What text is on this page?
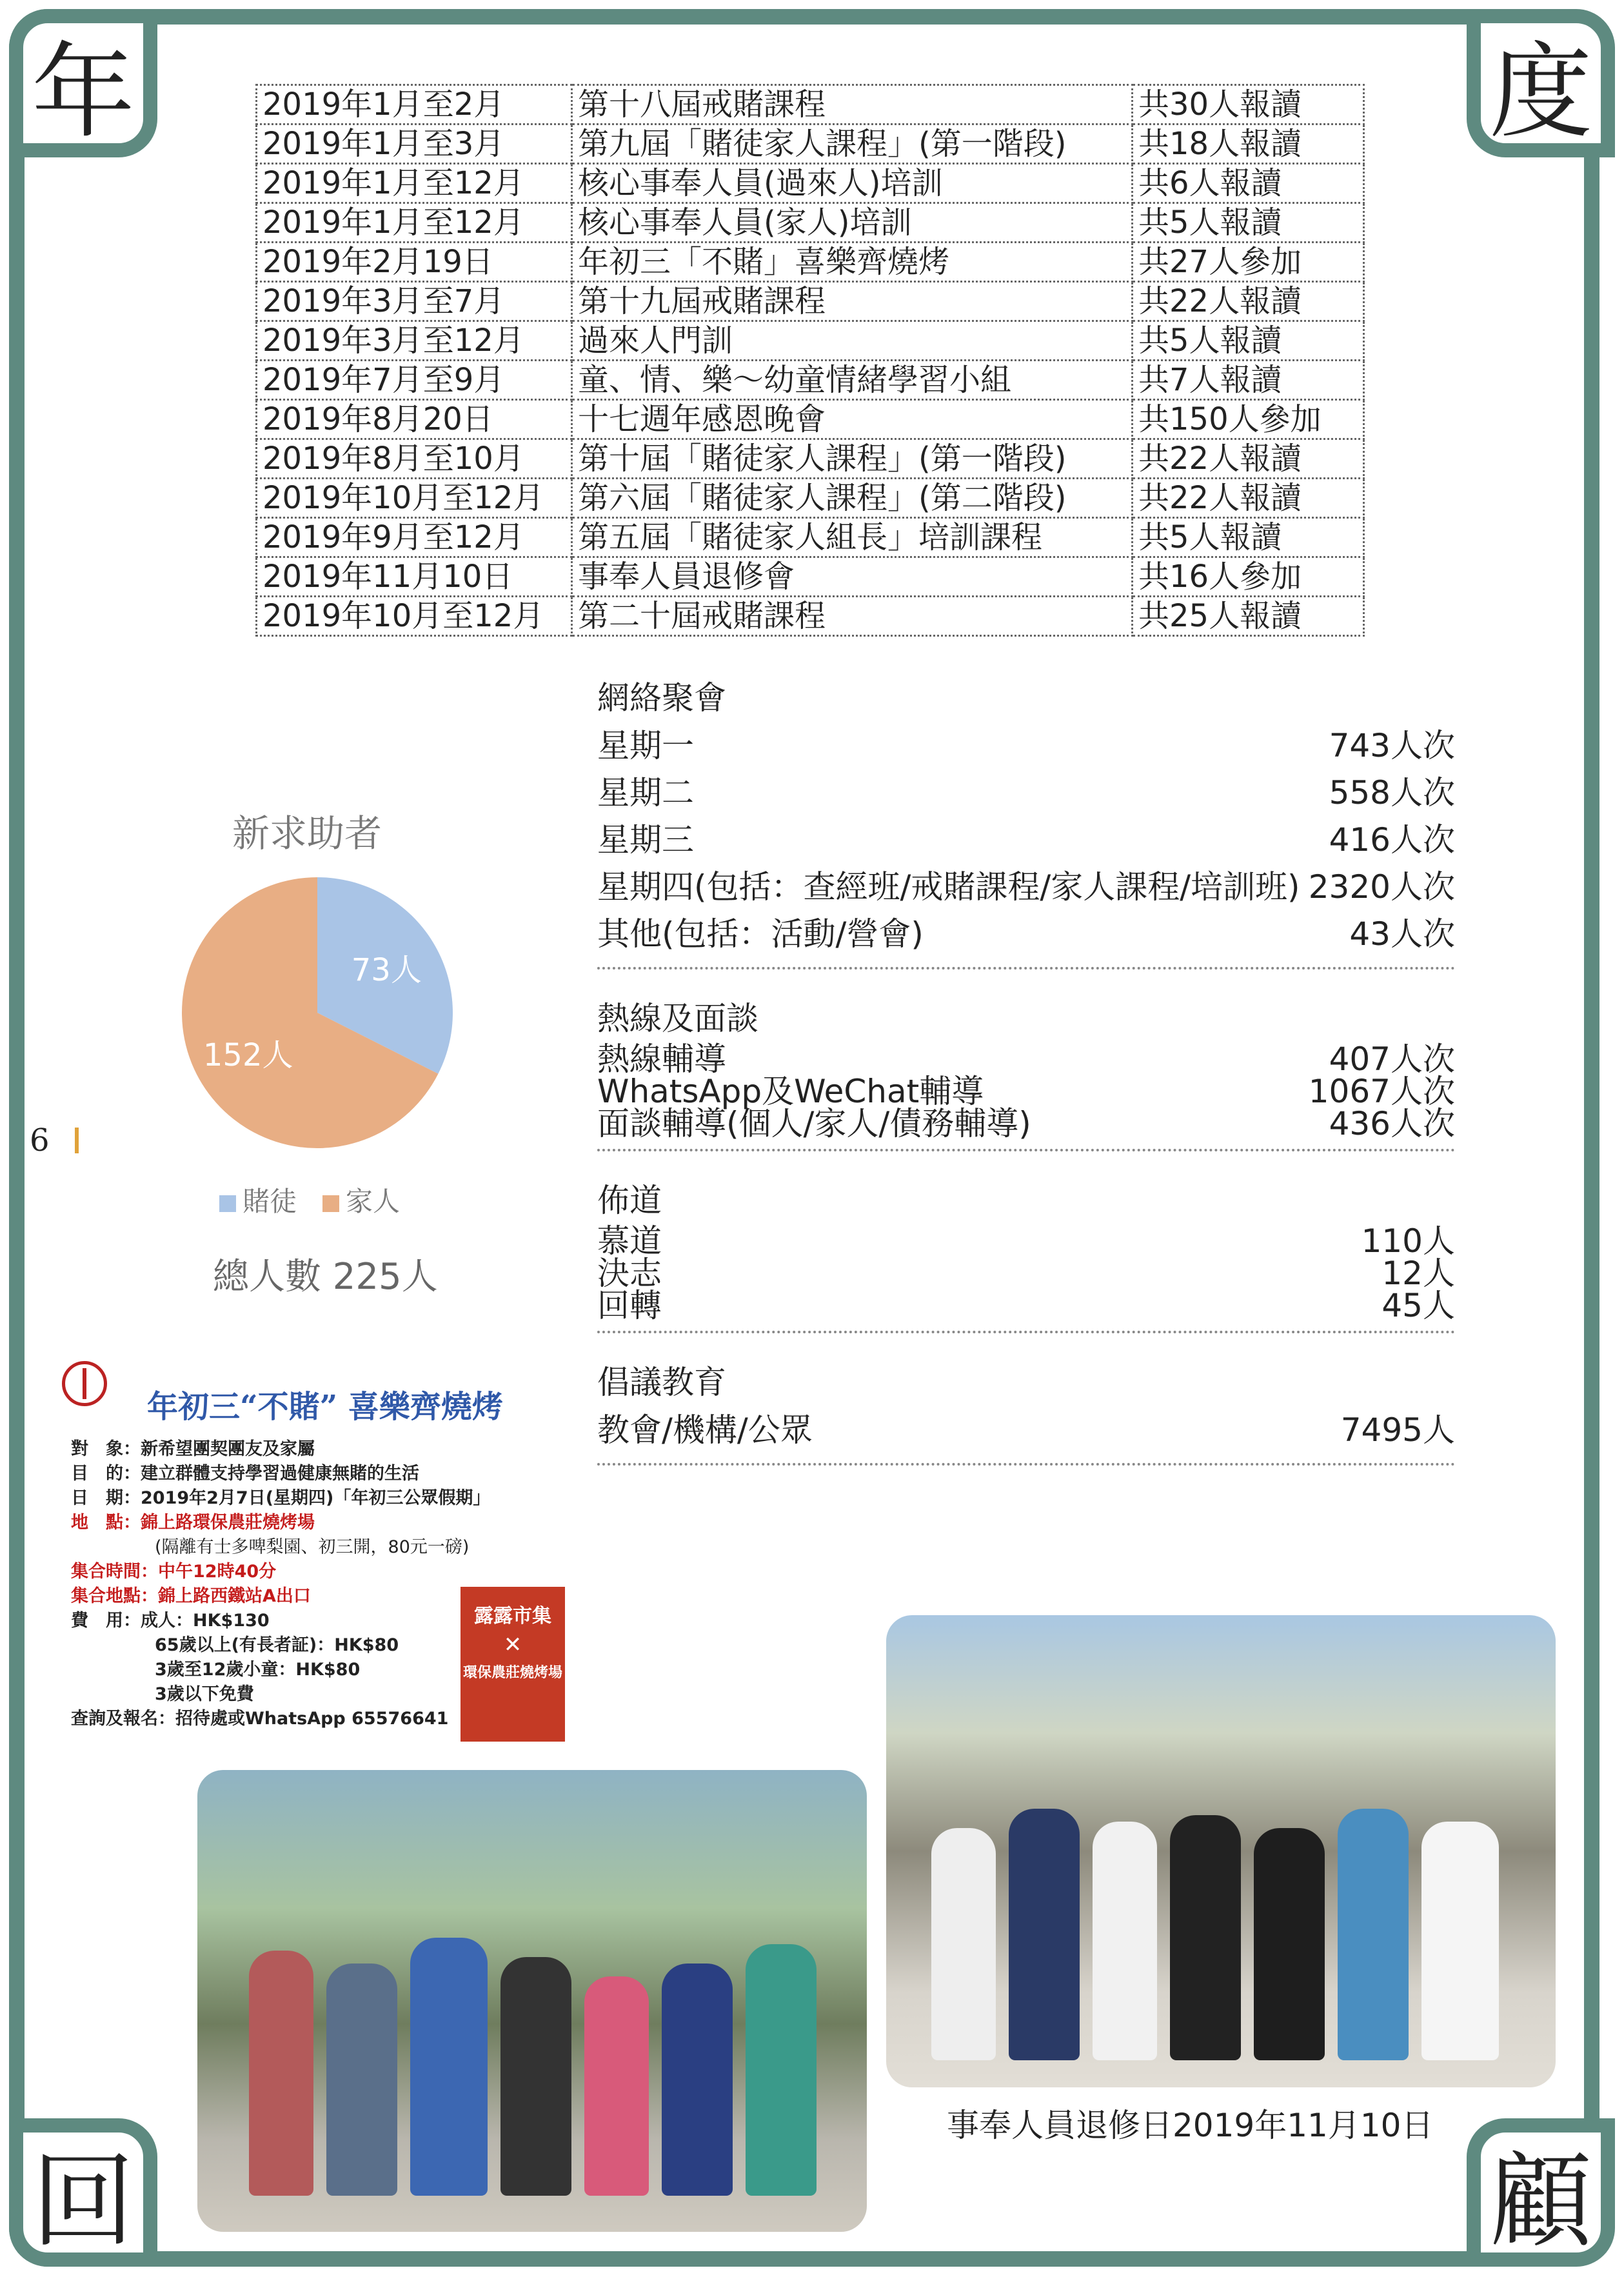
年	度
回	顧
2019年1月至2月	第十八屆戒賭課程	共30人報讀
2019年1月至3月	第九屆「賭徒家人課程」(第一階段)	共18人報讀
2019年1月至12月	核心事奉人員(過來人)培訓	共6人報讀
2019年1月至12月	核心事奉人員(家人)培訓	共5人報讀
2019年2月19日	年初三「不賭」喜樂齊燒烤	共27人參加
2019年3月至7月	第十九屆戒賭課程	共22人報讀
2019年3月至12月	過來人門訓	共5人報讀
2019年7月至9月	童、情、樂～幼童情緒學習小組	共7人報讀
2019年8月20日	十七週年感恩晚會	共150人參加
2019年8月至10月	第十屆「賭徒家人課程」(第一階段)	共22人報讀
2019年10月至12月	第六屆「賭徒家人課程」(第二階段)	共22人報讀
2019年9月至12月	第五屆「賭徒家人組長」培訓課程	共5人報讀
2019年11月10日	事奉人員退修會	共16人參加
2019年10月至12月	第二十屆戒賭課程	共25人報讀
新求助者
73人
152人
賭徒	家人
總人數 225人
6
網絡聚會
星期一	743人次
星期二	558人次
星期三	416人次
星期四(包括：查經班/戒賭課程/家人課程/培訓班) 2320人次
其他(包括：活動/營會)	43人次
熱線及面談
熱線輔導	407人次
WhatsApp及WeChat輔導	1067人次
面談輔導(個人/家人/債務輔導)	436人次
佈道
慕道	110人
決志	12人
回轉	45人
倡議教育
教會/機構/公眾	7495人
年初三“不賭” 喜樂齊燒烤
對　象：新希望團契團友及家屬
目　的：建立群體支持學習過健康無賭的生活
日　期：2019年2月7日(星期四)「年初三公眾假期」
地　點：錦上路環保農莊燒烤場
(隔離有士多啤梨園、初三開，80元一磅)
集合時間：中午12時40分
集合地點：錦上路西鐵站A出口
費　用：成人：HK$130
65歲以上(有長者証)：HK$80
3歲至12歲小童：HK$80
3歲以下免費
查詢及報名：招待處或WhatsApp 65576641
露露市集
✕
環保農莊燒烤場
事奉人員退修日2019年11月10日
